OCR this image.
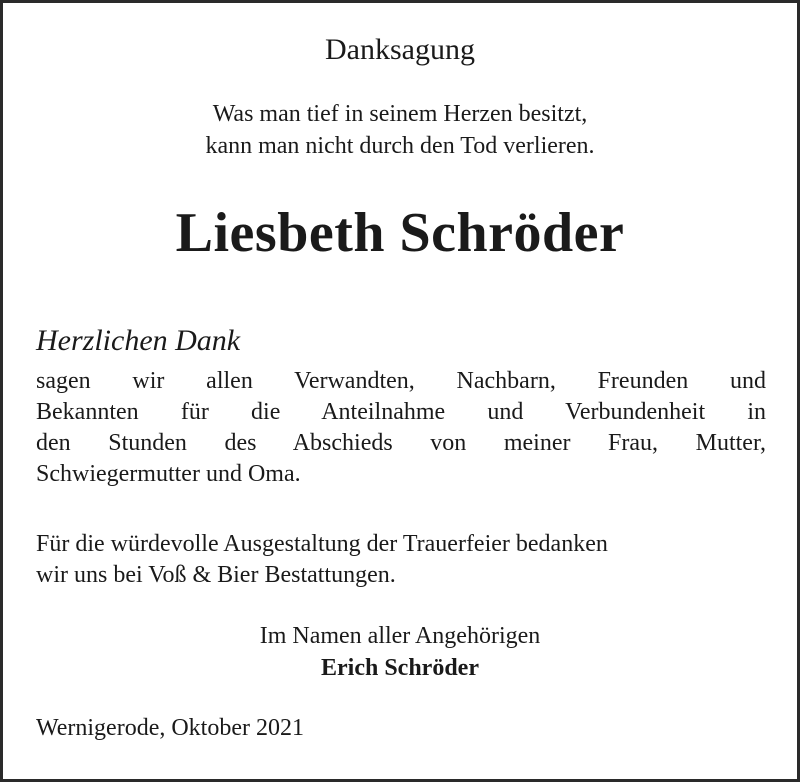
Danksagung
Was man tief in seinem Herzen besitzt,
kann man nicht durch den Tod verlieren.
Liesbeth Schröder
Herzlichen Dank
sagen wir allen Verwandten, Nachbarn, Freunden und
Bekannten für die Anteilnahme und Verbundenheit in
den Stunden des Abschieds von meiner Frau, Mutter,
Schwiegermutter und Oma.
Für die würdevolle Ausgestaltung der Trauerfeier bedanken
wir uns bei Voß & Bier Bestattungen.
Im Namen aller Angehörigen
Erich Schröder
Wernigerode, Oktober 2021
